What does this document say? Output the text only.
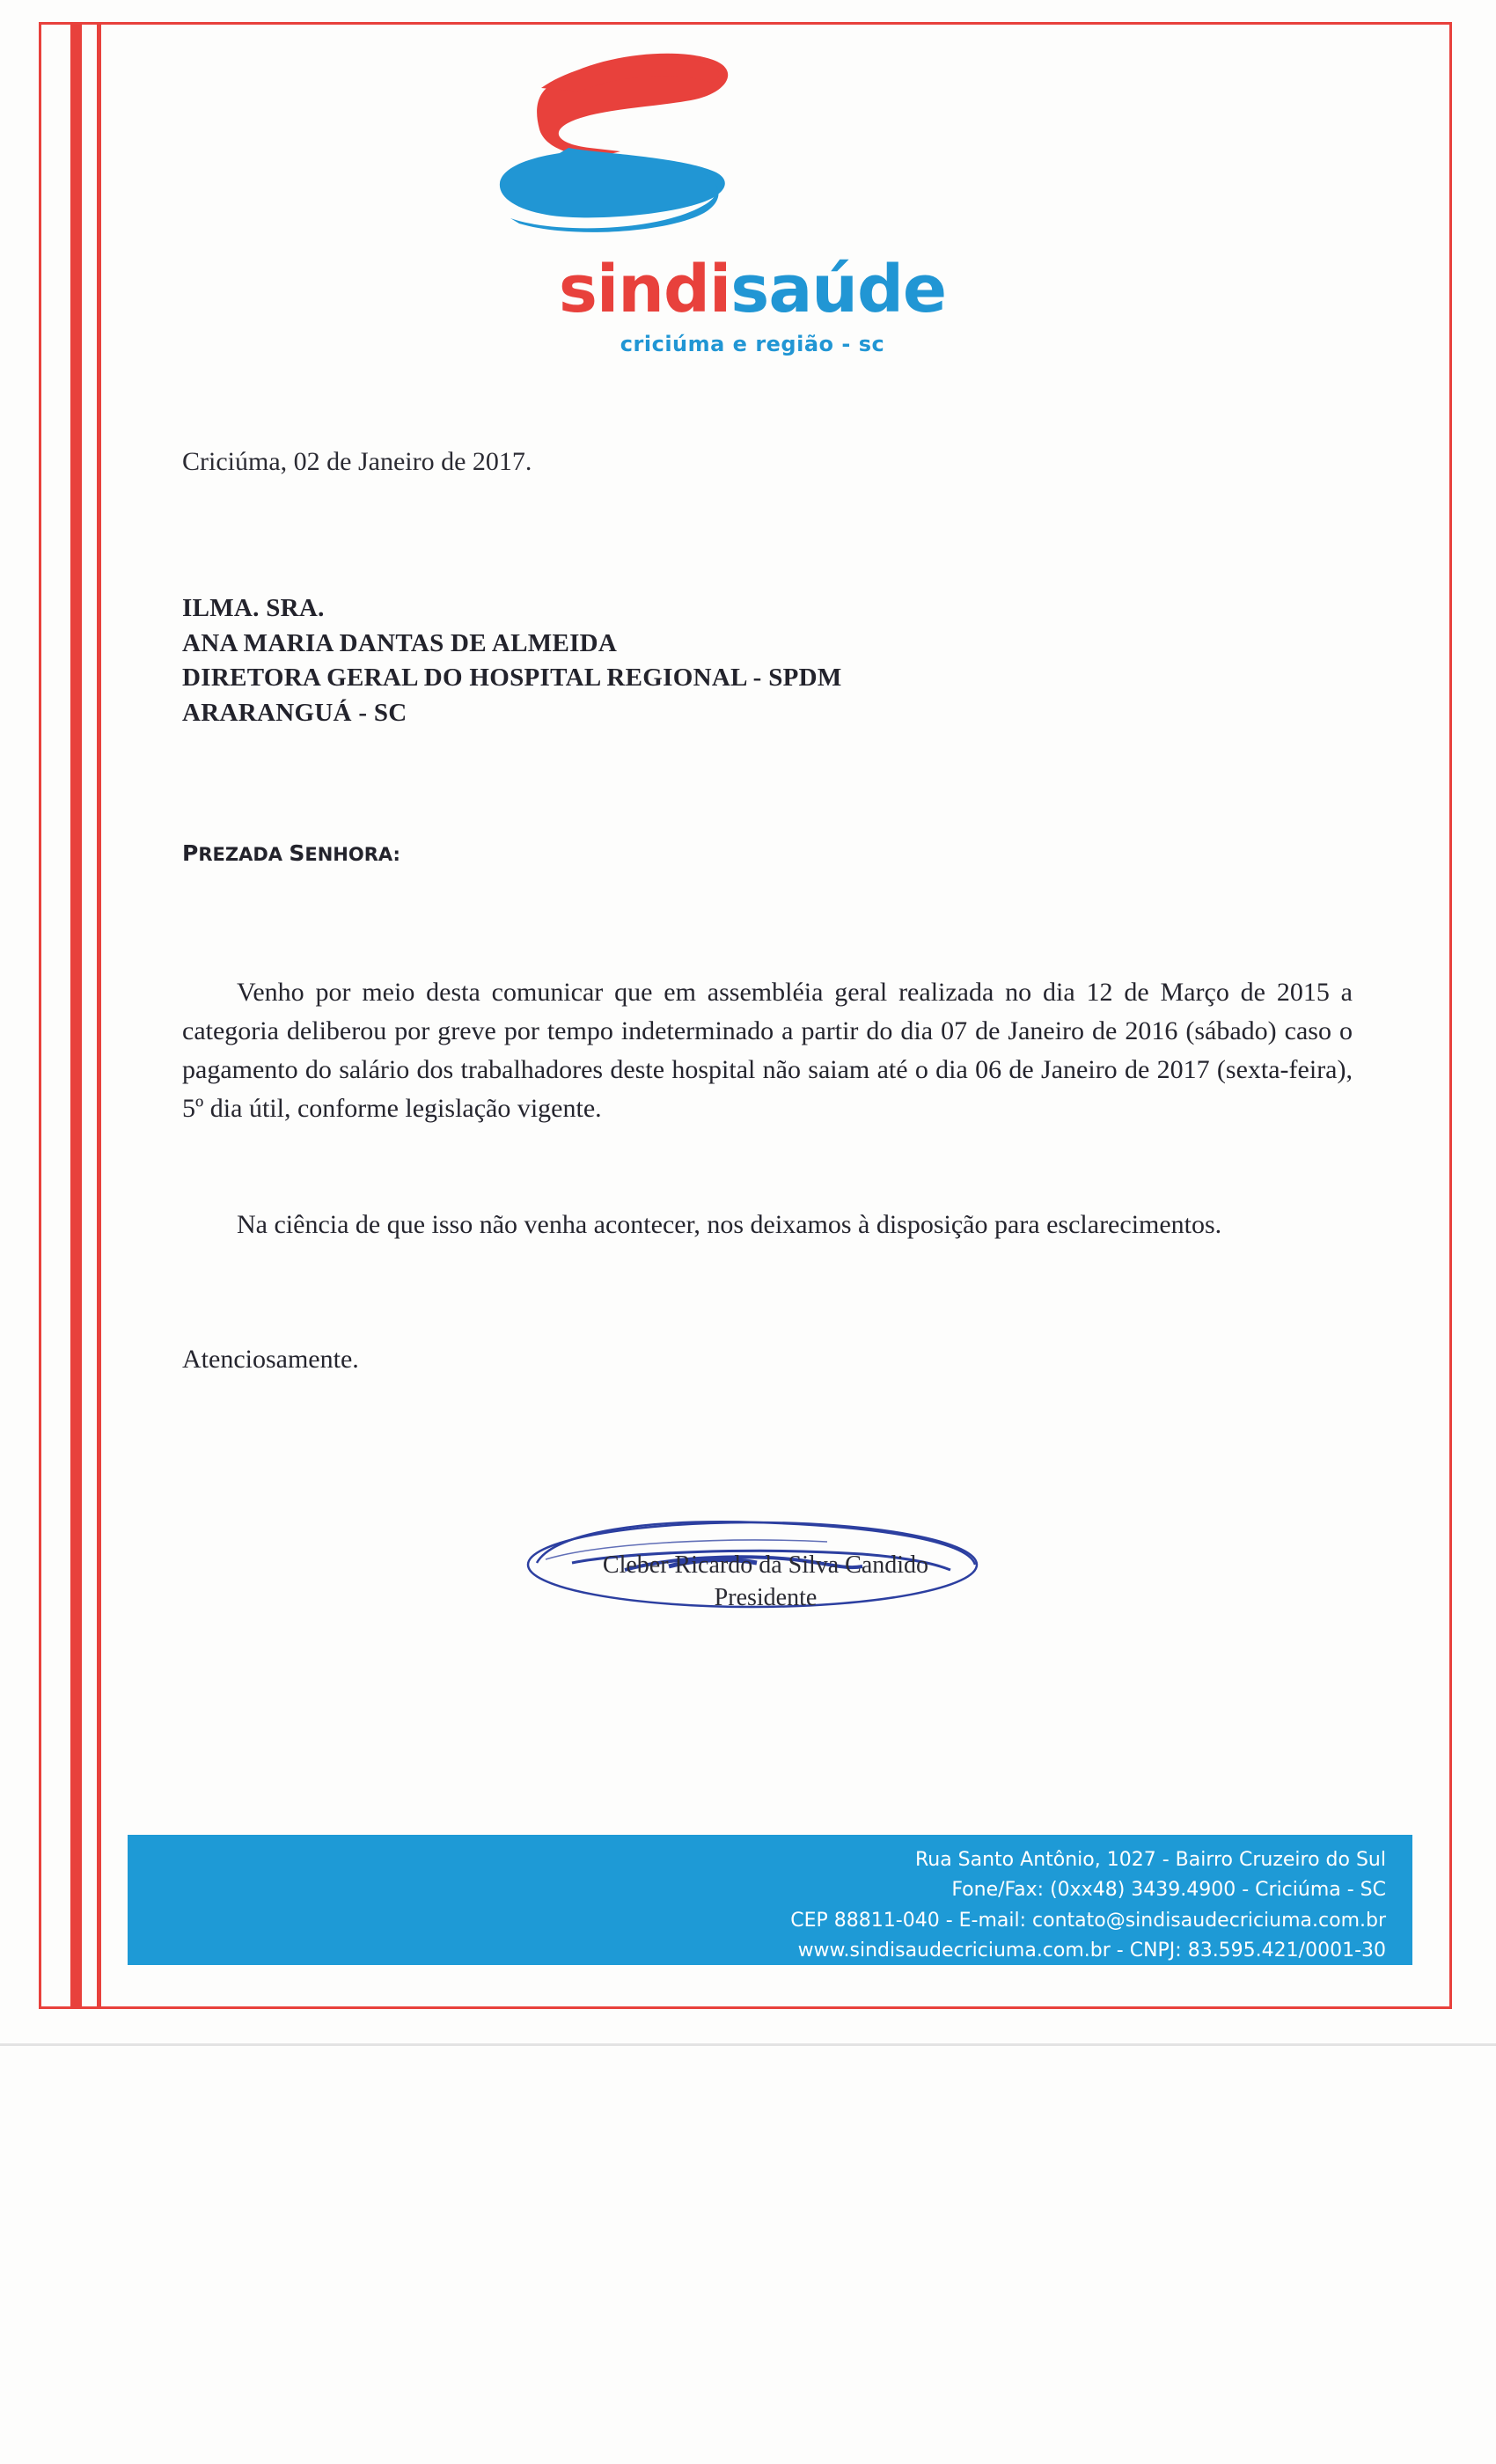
sindisaúde
criciúma e região - sc
Criciúma, 02 de Janeiro de 2017.
ILMA. SRA.
ANA MARIA DANTAS DE ALMEIDA
DIRETORA GERAL DO HOSPITAL REGIONAL - SPDM
ARARANGUÁ - SC
PREZADA SENHORA:
Venho por meio desta comunicar que em assembléia geral realizada no dia 12 de Março de 2015 a categoria deliberou por greve por tempo indeterminado a partir do dia 07 de Janeiro de 2016 (sábado) caso o pagamento do salário dos trabalhadores deste hospital não saiam até o dia 06 de Janeiro de 2017 (sexta-feira), 5º dia útil, conforme legislação vigente.
Na ciência de que isso não venha acontecer, nos deixamos à disposição para esclarecimentos.
Atenciosamente.
Cleber Ricardo da Silva Candido
Presidente
Rua Santo Antônio, 1027 - Bairro Cruzeiro do Sul
Fone/Fax: (0xx48) 3439.4900 - Criciúma - SC
CEP 88811-040 - E-mail: contato@sindisaudecriciuma.com.br
www.sindisaudecriciuma.com.br - CNPJ: 83.595.421/0001-30
